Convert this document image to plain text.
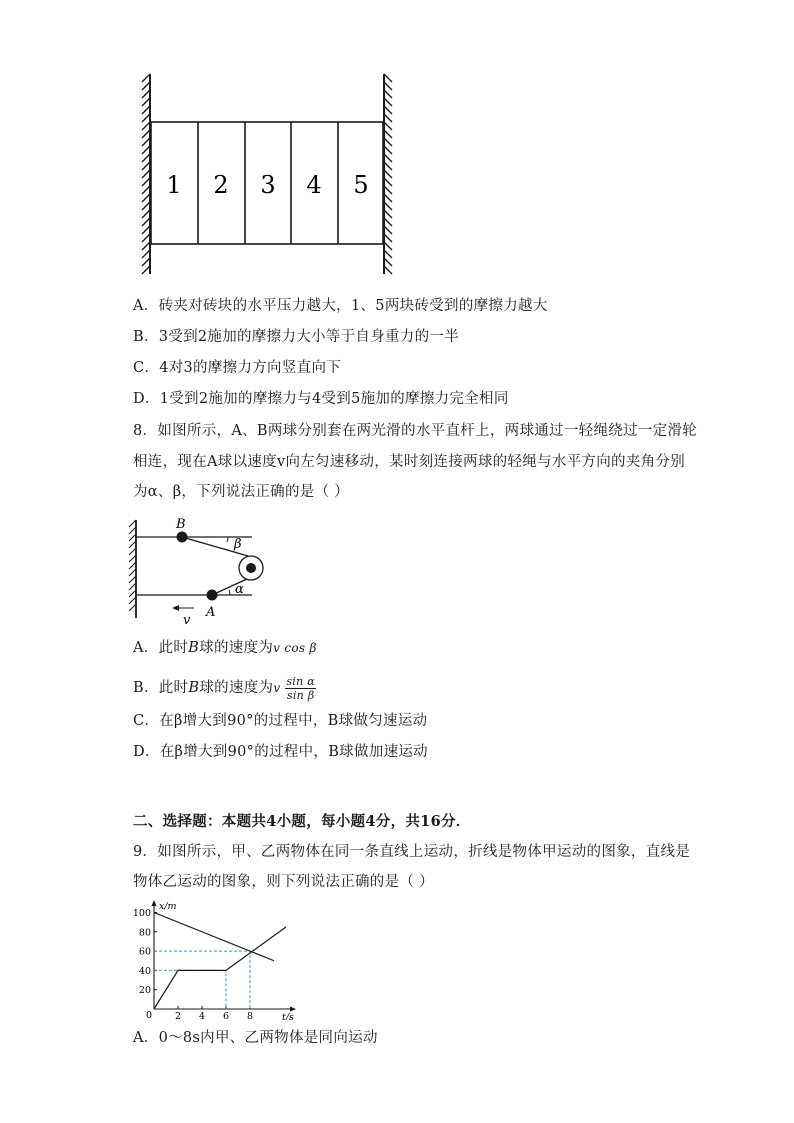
1 2 3 4 5
A．砖夹对砖块的水平压力越大，1、5两块砖受到的摩擦力越大
B．3受到2施加的摩擦力大小等于自身重力的一半
C．4对3的摩擦力方向竖直向下
D．1受到2施加的摩擦力与4受到5施加的摩擦力完全相同
8．如图所示，A、B两球分别套在两光滑的水平直杆上，两球通过一轻绳绕过一定滑轮
相连，现在A球以速度v向左匀速移动，某时刻连接两球的轻绳与水平方向的夹角分别
为α、β，下列说法正确的是（ ）
B
A
β
α
v
A．此时B球的速度为v cos β
B．此时B球的速度为v $\frac{\text{sin α}}{\text{sin β}}$
C．在β增大到90°的过程中，B球做匀速运动
D．在β增大到90°的过程中，B球做加速运动
二、选择题：本题共4小题，每小题4分，共16分．
9．如图所示，甲、乙两物体在同一条直线上运动，折线是物体甲运动的图象，直线是
物体乙运动的图象，则下列说法正确的是（ ）
x/m
t/s
0
20
40
60
80
100
2 4 6 8
A．0～8s内甲、乙两物体是同向运动
